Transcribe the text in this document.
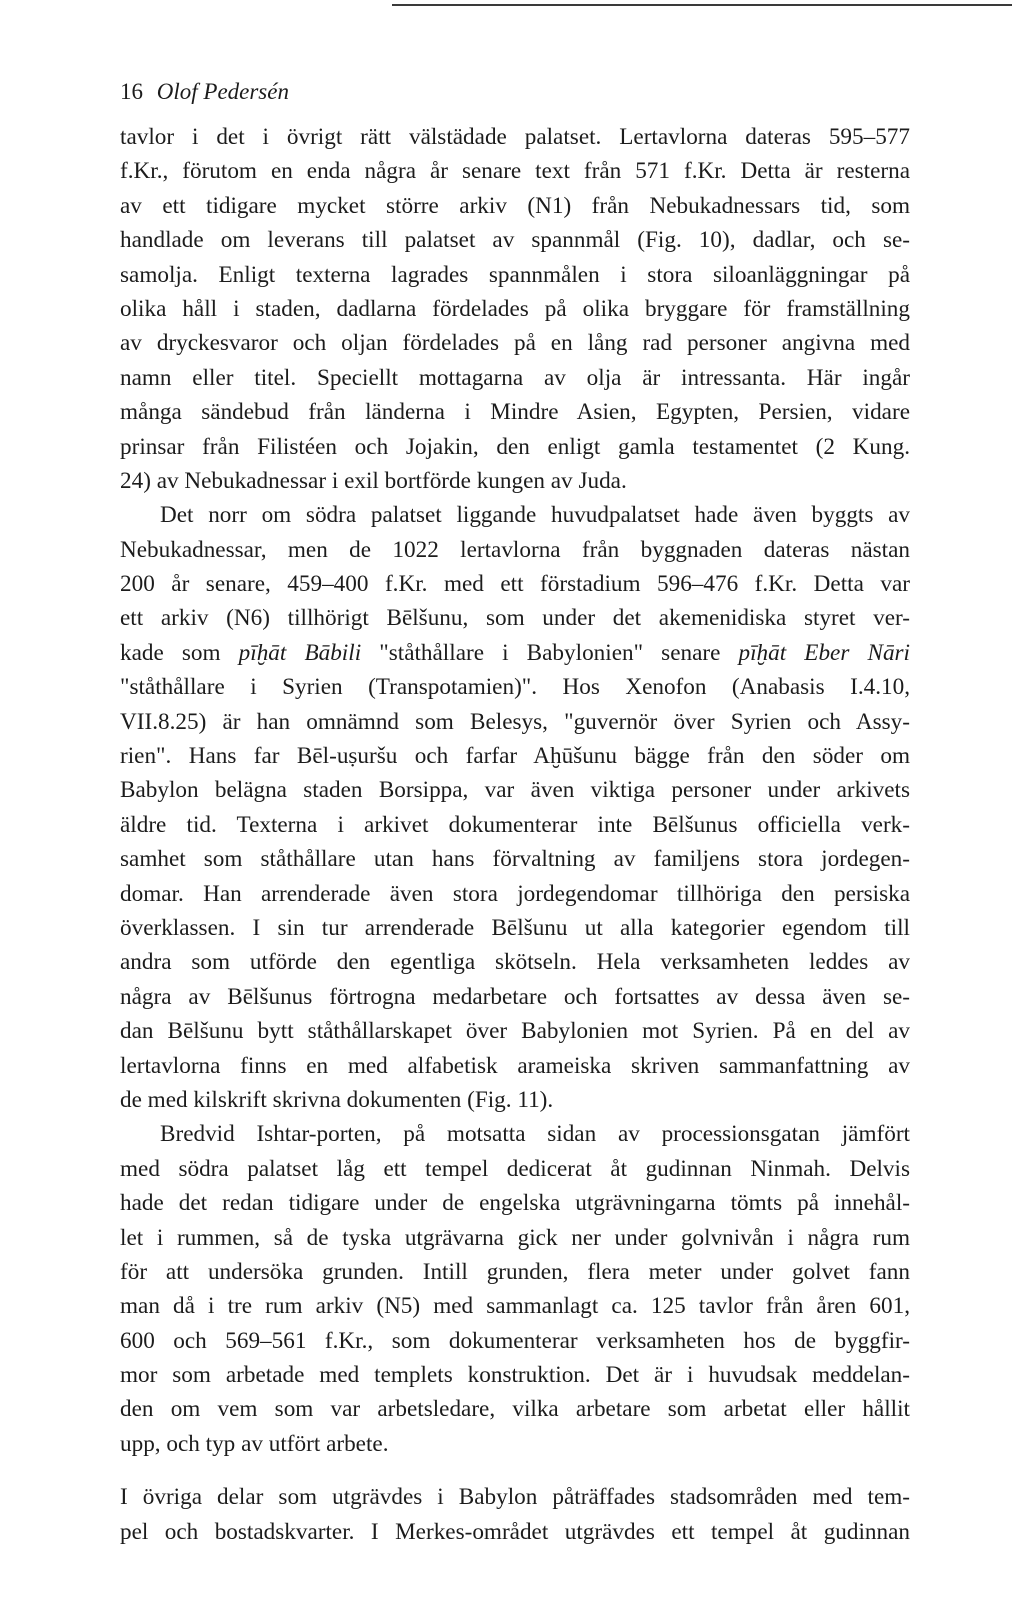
16 Olof Pedersén
tavlor i det i övrigt rätt välstädade palatset. Lertavlorna dateras 595–577
f.Kr., förutom en enda några år senare text från 571 f.Kr. Detta är resterna
av ett tidigare mycket större arkiv (N1) från Nebukadnessars tid, som
handlade om leverans till palatset av spannmål (Fig. 10), dadlar, och se-
samolja. Enligt texterna lagrades spannmålen i stora siloanläggningar på
olika håll i staden, dadlarna fördelades på olika bryggare för framställning
av dryckesvaror och oljan fördelades på en lång rad personer angivna med
namn eller titel. Speciellt mottagarna av olja är intressanta. Här ingår
många sändebud från länderna i Mindre Asien, Egypten, Persien, vidare
prinsar från Filistéen och Jojakin, den enligt gamla testamentet (2 Kung.
24) av Nebukadnessar i exil bortförde kungen av Juda.
Det norr om södra palatset liggande huvudpalatset hade även byggts av
Nebukadnessar, men de 1022 lertavlorna från byggnaden dateras nästan
200 år senare, 459–400 f.Kr. med ett förstadium 596–476 f.Kr. Detta var
ett arkiv (N6) tillhörigt Bēlšunu, som under det akemenidiska styret ver-
kade som pīḫāt Bābili "ståthållare i Babylonien" senare pīḫāt Eber Nāri
"ståthållare i Syrien (Transpotamien)". Hos Xenofon (Anabasis I.4.10,
VII.8.25) är han omnämnd som Belesys, "guvernör över Syrien och Assy-
rien". Hans far Bēl-uṣuršu och farfar Aḫūšunu bägge från den söder om
Babylon belägna staden Borsippa, var även viktiga personer under arkivets
äldre tid. Texterna i arkivet dokumenterar inte Bēlšunus officiella verk-
samhet som ståthållare utan hans förvaltning av familjens stora jordegen-
domar. Han arrenderade även stora jordegendomar tillhöriga den persiska
överklassen. I sin tur arrenderade Bēlšunu ut alla kategorier egendom till
andra som utförde den egentliga skötseln. Hela verksamheten leddes av
några av Bēlšunus förtrogna medarbetare och fortsattes av dessa även se-
dan Bēlšunu bytt ståthållarskapet över Babylonien mot Syrien. På en del av
lertavlorna finns en med alfabetisk arameiska skriven sammanfattning av
de med kilskrift skrivna dokumenten (Fig. 11).
Bredvid Ishtar-porten, på motsatta sidan av processionsgatan jämfört
med södra palatset låg ett tempel dedicerat åt gudinnan Ninmah. Delvis
hade det redan tidigare under de engelska utgrävningarna tömts på innehål-
let i rummen, så de tyska utgrävarna gick ner under golvnivån i några rum
för att undersöka grunden. Intill grunden, flera meter under golvet fann
man då i tre rum arkiv (N5) med sammanlagt ca. 125 tavlor från åren 601,
600 och 569–561 f.Kr., som dokumenterar verksamheten hos de byggfir-
mor som arbetade med templets konstruktion. Det är i huvudsak meddelan-
den om vem som var arbetsledare, vilka arbetare som arbetat eller hållit
upp, och typ av utfört arbete.
I övriga delar som utgrävdes i Babylon påträffades stadsområden med tem-
pel och bostadskvarter. I Merkes-området utgrävdes ett tempel åt gudinnan
